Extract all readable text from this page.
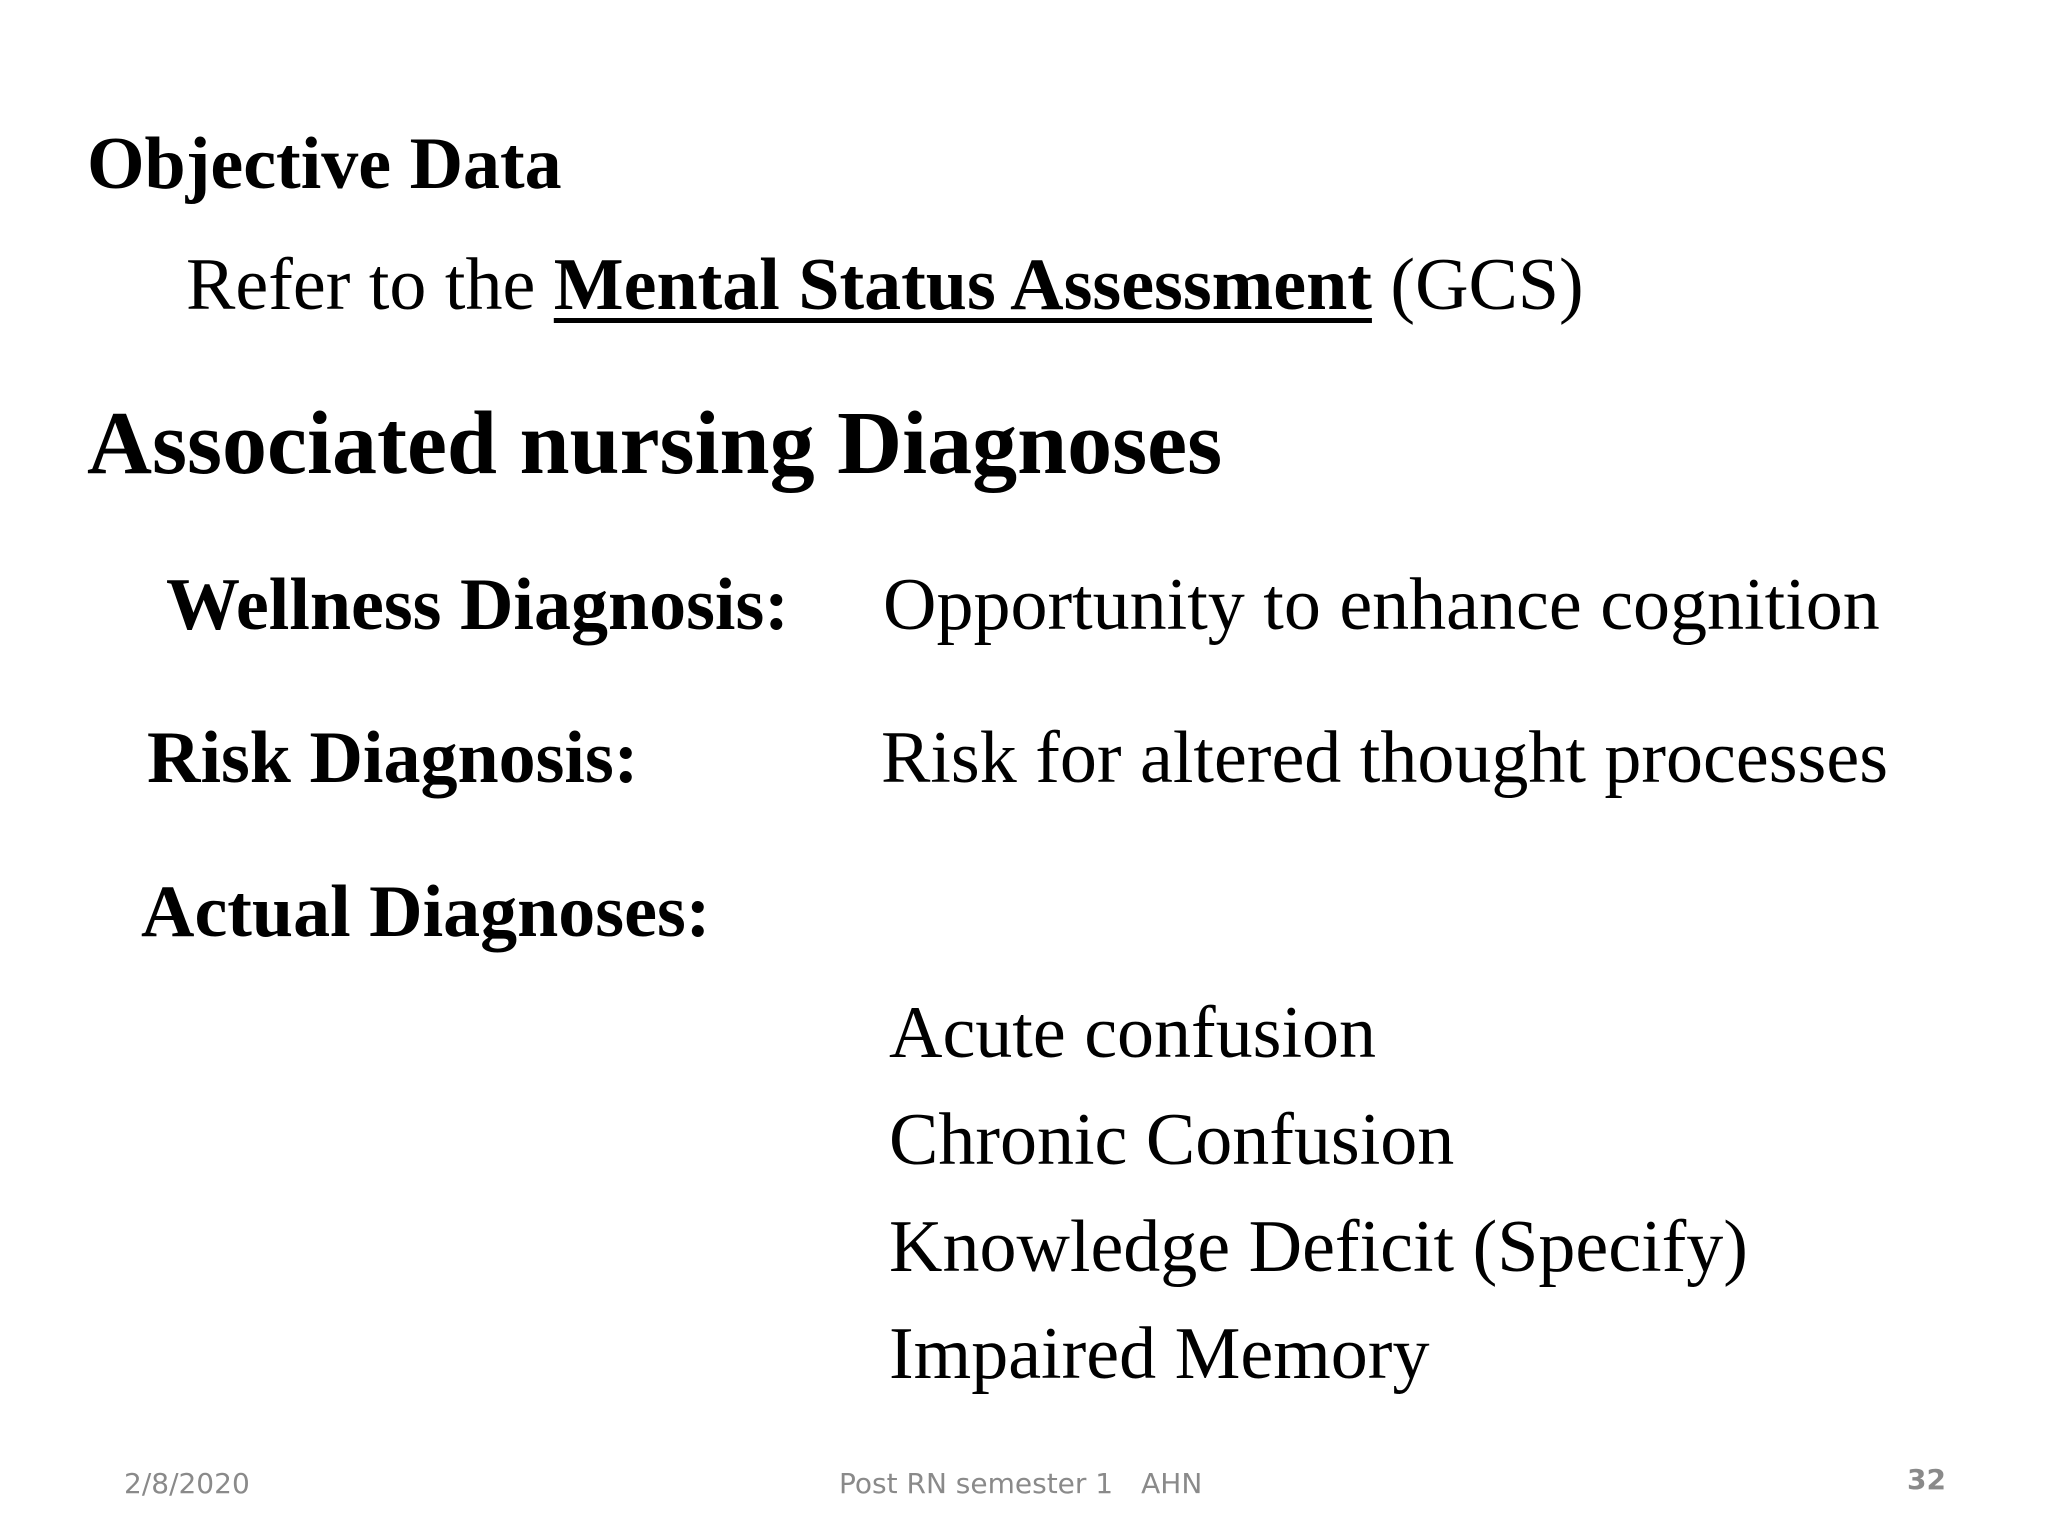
Objective Data
Refer to the Mental Status Assessment (GCS)
Associated nursing Diagnoses
Wellness Diagnosis: Opportunity to enhance cognition
Risk Diagnosis:	Risk for altered thought processes
Actual Diagnoses:
Acute confusion
Chronic Confusion
Knowledge Deficit (Specify)
Impaired Memory
2/8/2020	Post RN semester 1　AHN	32
